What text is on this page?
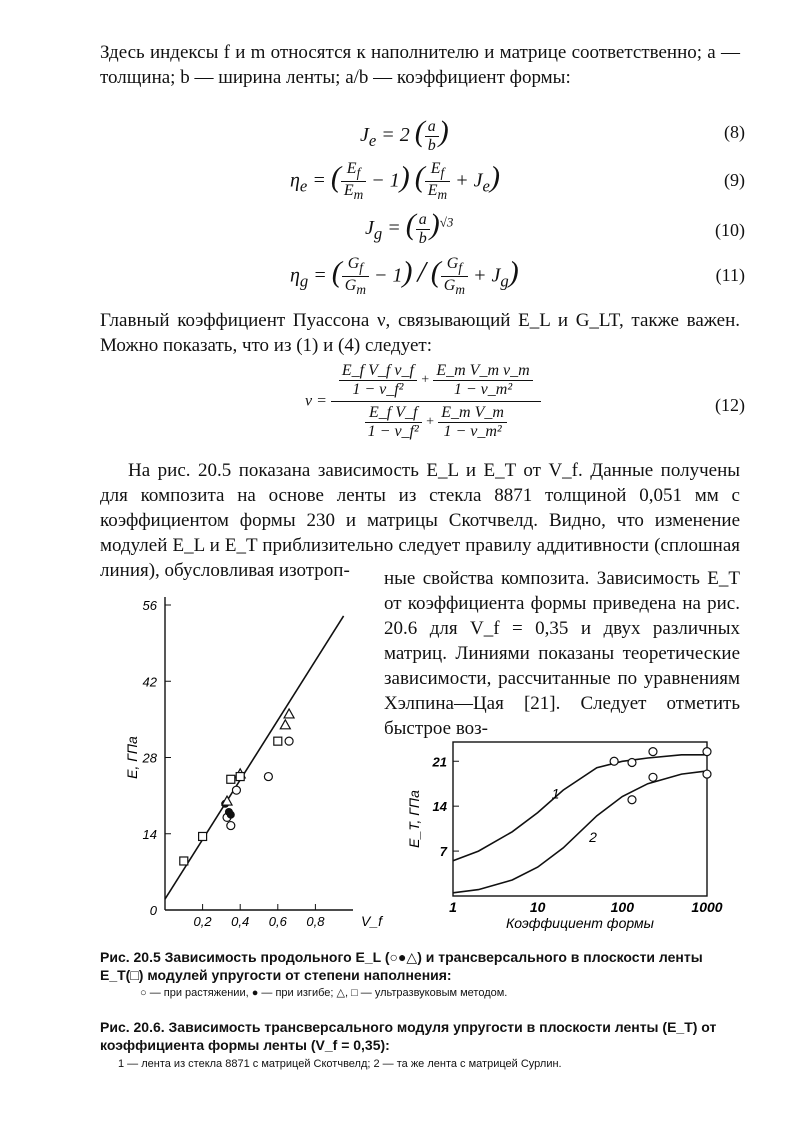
Здесь индексы f и m относятся к наполнителю и матрице соответственно; a — толщина; b — ширина ленты; a/b — коэффициент формы:
$J_e = 2$ ( $\frac{a}{b}$ )	(8)
$\eta_e$ = ( $\frac{E_f}{E_m} - 1$) ( $\frac{E_f}{E_m} + J_e$)	(9)
$J_g$ = ( $\frac{a}{b} )^{√3}$	(10)
$\eta_g$ = ( $\frac{G_f}{G_m} - 1$) / ( $\frac{G_f}{G_m} + J_g$)	(11)
Главный коэффициент Пуассона ν, связывающий E_L и G_LT, также важен. Можно показать, что из (1) и (4) следует:
$\nu = \frac{\frac{\text{E\_f V\_f ν\_f}}{\text{1 − ν\_f²}} + \frac{\text{E\_m V\_m ν\_m}}{\text{1 − ν\_m²}}}{\frac{\text{E\_f V\_f}}{\text{1 − ν\_f²}} + \frac{\text{E\_m V\_m}}{\text{1 − ν\_m²}}}$	(12)
На рис. 20.5 показана зависимость E_L и E_T от V_f. Данные получены для композита на основе ленты из стекла 8871 толщиной 0,051 мм с коэффициентом формы 230 и матрицы Скотчвелд. Видно, что изменение модулей E_L и E_T приблизительно следует правилу аддитивности (сплошная линия), обусловливая изотроп-	ные свойства композита. Зависимость E_T от коэффициента формы приведена на рис. 20.6 для V_f = 0,35 и двух различных матриц. Линиями показаны теоретические зависимости, рассчитанные по уравнениям Хэлпина—Цая [21]. Следует отметить быстрое воз-
0,2 0,4 0,6 0,8
0
14
28
42
56
V_f
E, ГПа
1	10	100	1000
7
14
21
Коэффициент формы
E_T, ГПа	1
2
Рис. 20.5 Зависимость продольного E_L (○●△) и трансверсального в плоскости ленты E_T(□) модулей упругости от степени наполнения:
○ — при растяжении, ● — при изгибе; △, □ — ультразвуковым методом.
Рис. 20.6. Зависимость трансверсального модуля упругости в плоскости ленты (E_T) от коэффициента формы ленты (V_f = 0,35):
1 — лента из стекла 8871 с матрицей Скотчвелд; 2 — та же лента с матрицей Сурлин.
